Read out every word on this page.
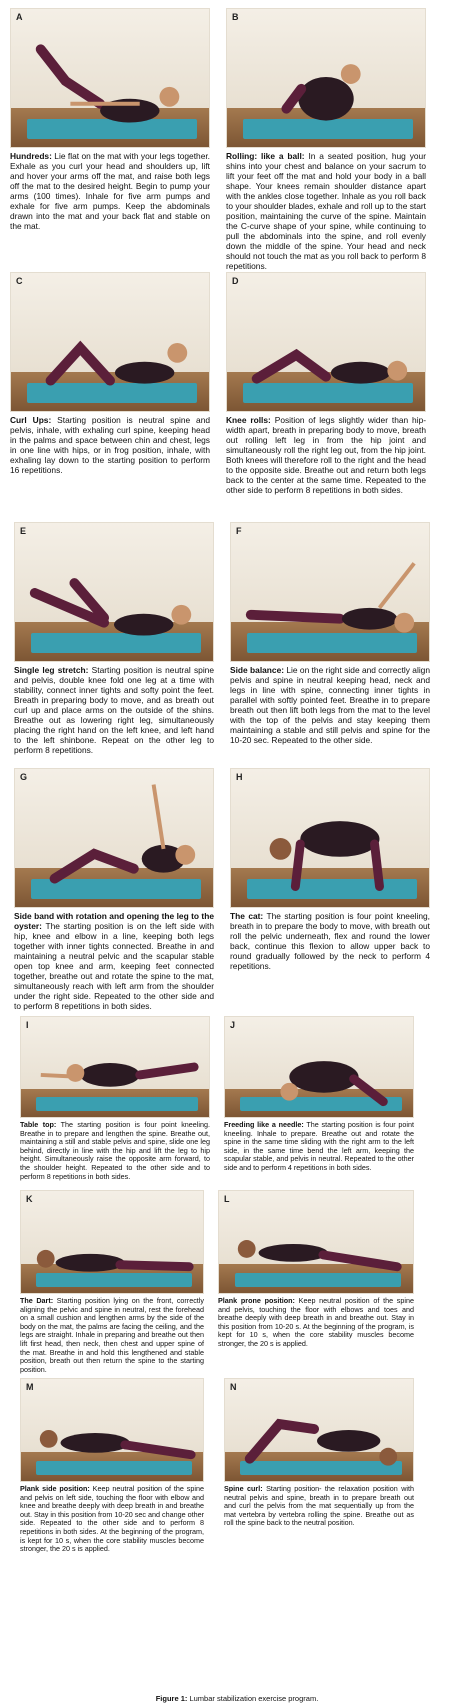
A
Hundreds: Lie flat on the mat with your legs together. Exhale as you curl your head and shoulders up, lift and hover your arms off the mat, and raise both legs off the mat to the desired height. Begin to pump your arms (100 times). Inhale for five arm pumps and exhale for five arm pumps. Keep the abdominals drawn into the mat and your back flat and stable on the mat.
B
Rolling: like a ball: In a seated position, hug your shins into your chest and balance on your sacrum to lift your feet off the mat and hold your body in a ball shape. Your knees remain shoulder distance apart with the ankles close together. Inhale as you roll back to your shoulder blades, exhale and roll up to the start position, maintaining the curve of the spine. Maintain the C-curve shape of your spine, while continuing to pull the abdominals into the spine, and roll evenly down the middle of the spine. Your head and neck should not touch the mat as you roll back to perform 8 repetitions.
C
Curl Ups: Starting position is neutral spine and pelvis, inhale, with exhaling curl spine, keeping head in the palms and space between chin and chest, legs in one line with hips, or in frog position, inhale, with exhaling lay down to the starting position to perform 16 repetitions.
D
Knee rolls: Position of legs slightly wider than hip-width apart, breath in preparing body to move, breath out rolling left leg in from the hip joint and simultaneously roll the right leg out, from the hip joint. Both knees will therefore roll to the right and the head to the opposite side. Breathe out and return both legs back to the center at the same time. Repeated to the other side to perform 8 repetitions in both sides.
E
Single leg stretch: Starting position is neutral spine and pelvis, double knee fold one leg at a time with stability, connect inner tights and softy point the feet. Breath in preparing body to move, and as breath out curl up and place arms on the outside of the shins. Breathe out as lowering right leg, simultaneously placing the right hand on the left knee, and left hand to the left shinbone. Repeat on the other leg to perform 8 repetitions.
F
Side balance: Lie on the right side and correctly align pelvis and spine in neutral keeping head, neck and legs in line with spine, connecting inner tights in parallel with softly pointed feet. Breathe in to prepare breath out then lift both legs from the mat to the level with the top of the pelvis and stay keeping them maintaining a stable and still pelvis and spine for the 10-20 sec. Repeated to the other side.
G
Side band with rotation and opening the leg to the oyster: The starting position is on the left side with hip, knee and elbow in a line, keeping both legs together with inner tights connected. Breathe in and maintaining a neutral pelvic and the scapular stable open top knee and arm, keeping feet connected together, breathe out and rotate the spine to the mat, simultaneously reach with left arm from the shoulder under the right side. Repeated to the other side and to perform 8 repetitions in both sides.
H
The cat: The starting position is four point kneeling, breath in to prepare the body to move, with breath out roll the pelvic underneath, flex and round the lower back, continue this flexion to allow upper back to round gradually followed by the neck to perform 4 repetitions.
I
Table top: The starting position is four point kneeling. Breathe in to prepare and lengthen the spine. Breathe out, maintaining a still and stable pelvis and spine, slide one leg behind, directly in line with the hip and lift the leg to hip height. Simultaneously raise the opposite arm forward, to the shoulder height. Repeated to the other side and to perform 8 repetitions in both sides.
J
Freeding like a needle: The starting position is four point kneeling. Inhale to prepare. Breathe out and rotate the spine in the same time sliding with the right arm to the left side, in the same time bend the left arm, keeping the scapular stable, and pelvis in neutral. Repeated to the other side and to perform 4 repetitions in both sides.
K
The Dart: Starting position lying on the front, correctly aligning the pelvic and spine in neutral, rest the forehead on a small cushion and lengthen arms by the side of the body on the mat, the palms are facing the ceiling, and the legs are straight. Inhale in preparing and breathe out then lift first head, then neck, then chest and upper spine of the mat. Breathe in and hold this lengthened and stable position, breath out then return the spine to the starting position.
L
Plank prone position: Keep neutral position of the spine and pelvis, touching the floor with elbows and toes and breathe deeply with deep breath in and breathe out. Stay in this position from 10-20 s. At the beginning of the program, is kept for 10 s, when the core stability muscles become stronger, the 20 s is applied.
M
Plank side position: Keep neutral position of the spine and pelvis on left side, touching the floor with elbow and knee and breathe deeply with deep breath in and breathe out. Stay in this position from 10-20 sec and change other side. Repeated to the other side and to perform 8 repetitions in both sides. At the beginning of the program, is kept for 10 s, when the core stability muscles become stronger, the 20 s is applied.
N
Spine curl: Starting position- the relaxation position with neutral pelvis and spine, breath in to prepare breath out and curl the pelvis from the mat sequentially up from the mat vertebra by vertebra rolling the spine. Breathe out as roll the spine back to the neutral position.
Figure 1: Lumbar stabilization exercise program.
